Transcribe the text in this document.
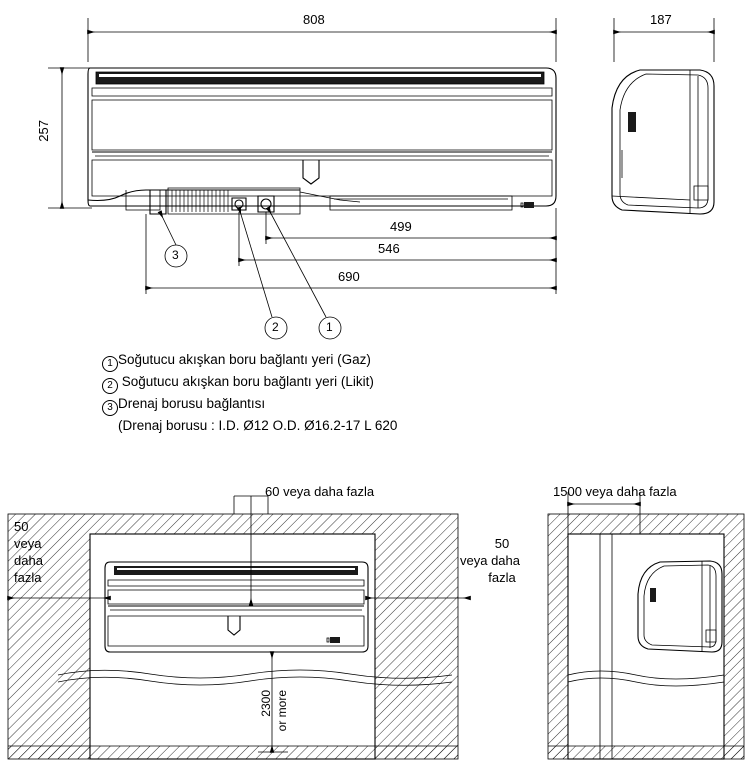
808
257
187
499
546
690
3
2	1
1 Soğutucu akışkan boru bağlantı yeri (Gaz)
2 Soğutucu akışkan boru bağlantı yeri (Likit)
3 Drenaj borusu bağlantısı
(Drenaj borusu : I.D. Ø12 O.D. Ø16.2-17 L 620
60 veya daha fazla
50
veya
daha
fazla
50
veya daha
fazla
1500 veya daha fazla
2300 or more
